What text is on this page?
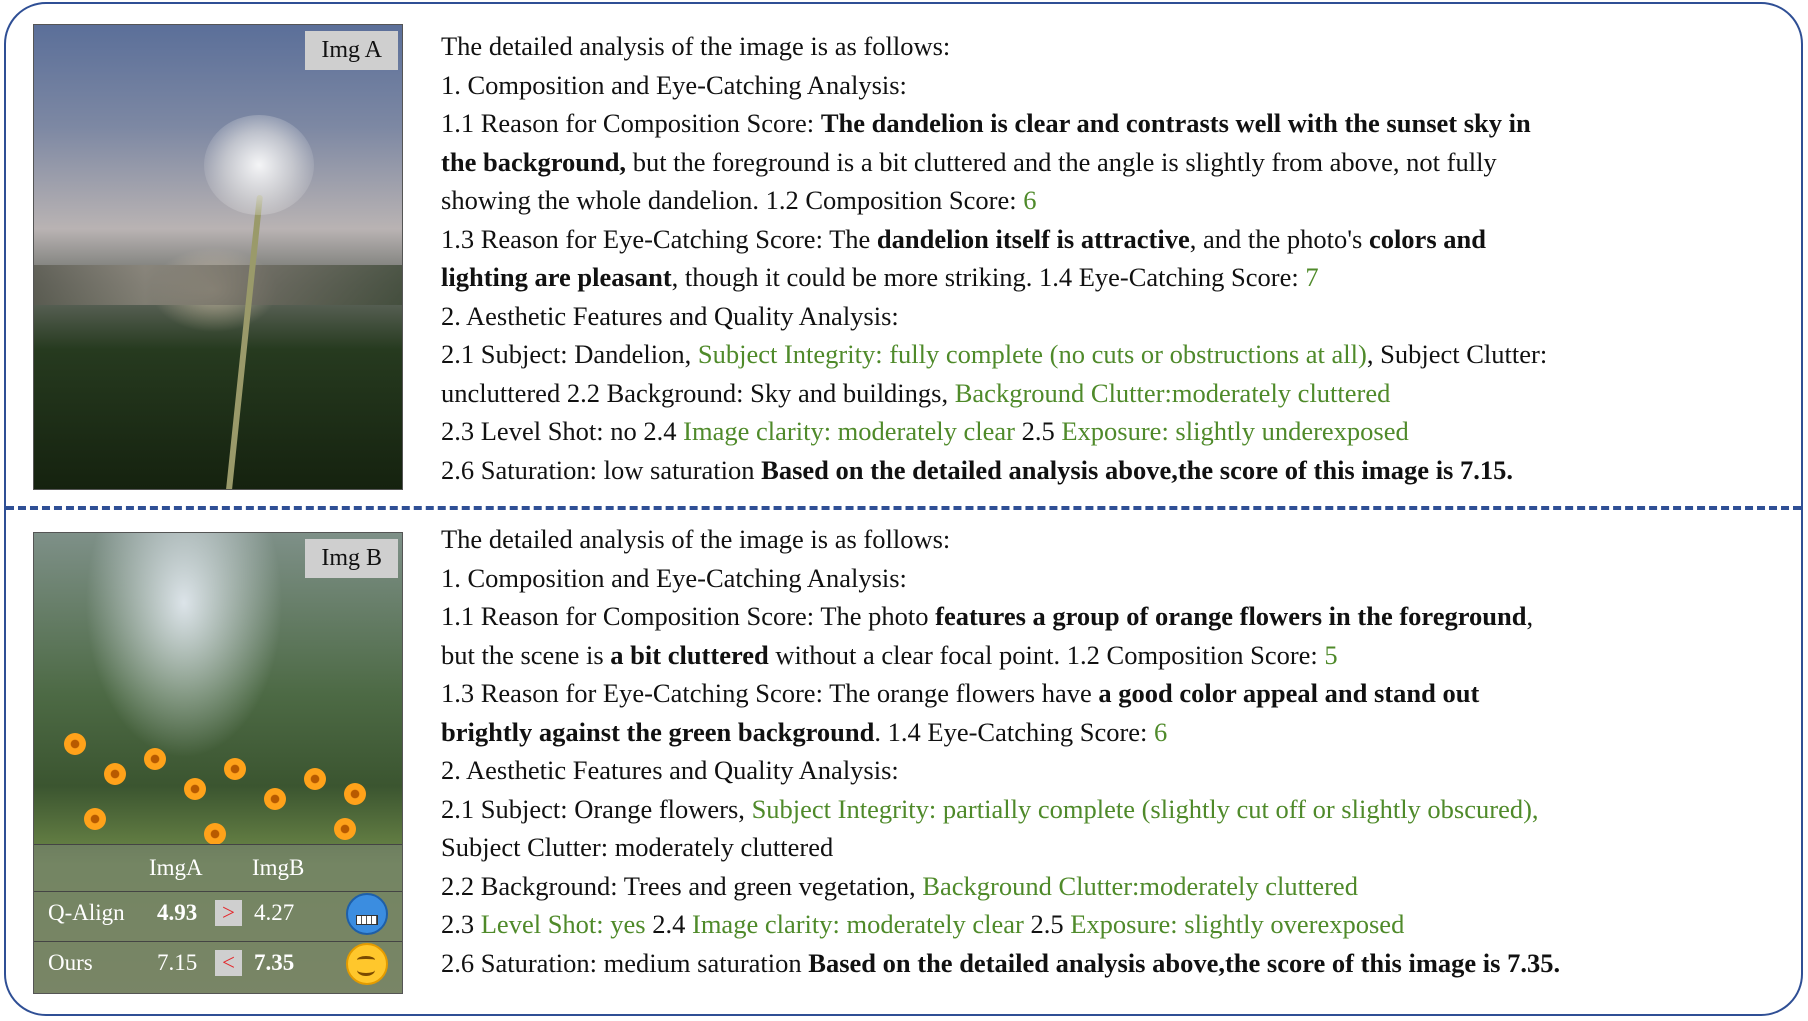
Img A	The detailed analysis of the image is as follows:

1. Composition and Eye-Catching Analysis:

1.1 Reason for Composition Score: The dandelion is clear and contrasts well with the sunset sky in

the background, but the foreground is a bit cluttered and the angle is slightly from above, not fully

showing the whole dandelion. 1.2 Composition Score: 6

1.3 Reason for Eye-Catching Score: The dandelion itself is attractive, and the photo's colors and

lighting are pleasant, though it could be more striking. 1.4 Eye-Catching Score: 7

2. Aesthetic Features and Quality Analysis:

2.1 Subject: Dandelion, Subject Integrity: fully complete (no cuts or obstructions at all), Subject Clutter:

uncluttered 2.2 Background: Sky and buildings, Background Clutter:moderately cluttered

2.3 Level Shot: no 2.4 Image clarity: moderately clear 2.5 Exposure: slightly underexposed

2.6 Saturation: low saturation Based on the detailed analysis above,the score of this image is 7.15.

Img B
ImgA ImgB
Q-Align 4.93	> 4.27
Ours	7.15	< 7.35

The detailed analysis of the image is as follows:

1. Composition and Eye-Catching Analysis:

1.1 Reason for Composition Score: The photo features a group of orange flowers in the foreground,

but the scene is a bit cluttered without a clear focal point. 1.2 Composition Score: 5

1.3 Reason for Eye-Catching Score: The orange flowers have a good color appeal and stand out

brightly against the green background. 1.4 Eye-Catching Score: 6

2. Aesthetic Features and Quality Analysis:

2.1 Subject: Orange flowers, Subject Integrity: partially complete (slightly cut off or slightly obscured),

Subject Clutter: moderately cluttered

2.2 Background: Trees and green vegetation, Background Clutter:moderately cluttered

2.3 Level Shot: yes 2.4 Image clarity: moderately clear 2.5 Exposure: slightly overexposed

2.6 Saturation: medium saturation Based on the detailed analysis above,the score of this image is 7.35.
